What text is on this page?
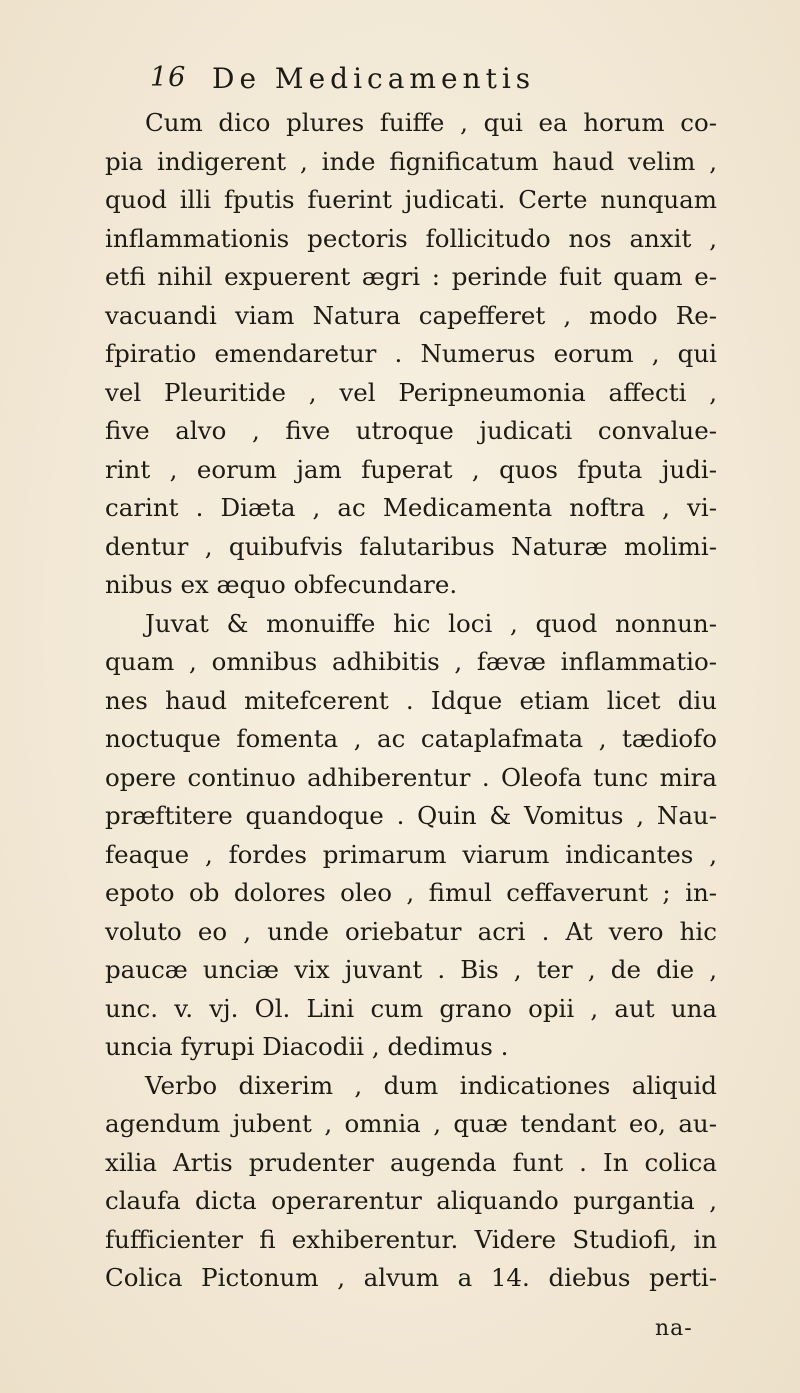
16 De Medicamentis
Cum dico plures fuiffe , qui ea horum co-
pia indigerent , inde fignificatum haud velim ,
quod illi fputis fuerint judicati. Certe nunquam
inflammationis pectoris follicitudo nos anxit ,
etfi nihil expuerent ægri : perinde fuit quam e-
vacuandi viam Natura capefferet , modo Re-
fpiratio emendaretur . Numerus eorum , qui
vel Pleuritide , vel Peripneumonia affecti ,
five alvo , five utroque judicati convalue-
rint , eorum jam fuperat , quos fputa judi-
carint . Diæta , ac Medicamenta noftra , vi-
dentur , quibufvis falutaribus Naturæ molimi-
nibus ex æquo obfecundare.
Juvat & monuiffe hic loci , quod nonnun-
quam , omnibus adhibitis , fævæ inflammatio-
nes haud mitefcerent . Idque etiam licet diu
noctuque fomenta , ac cataplafmata , tædiofo
opere continuo adhiberentur . Oleofa tunc mira
præftitere quandoque . Quin & Vomitus , Nau-
feaque , fordes primarum viarum indicantes ,
epoto ob dolores oleo , fimul ceffaverunt ; in-
voluto eo , unde oriebatur acri . At vero hic
paucæ unciæ vix juvant . Bis , ter , de die ,
unc. v. vj. Ol. Lini cum grano opii , aut una
uncia fyrupi Diacodii , dedimus .
Verbo dixerim , dum indicationes aliquid
agendum jubent , omnia , quæ tendant eo, au-
xilia Artis prudenter augenda funt . In colica
claufa dicta operarentur aliquando purgantia ,
fufficienter fi exhiberentur. Videre Studiofi, in
Colica Pictonum , alvum a 14. diebus perti-
na-
